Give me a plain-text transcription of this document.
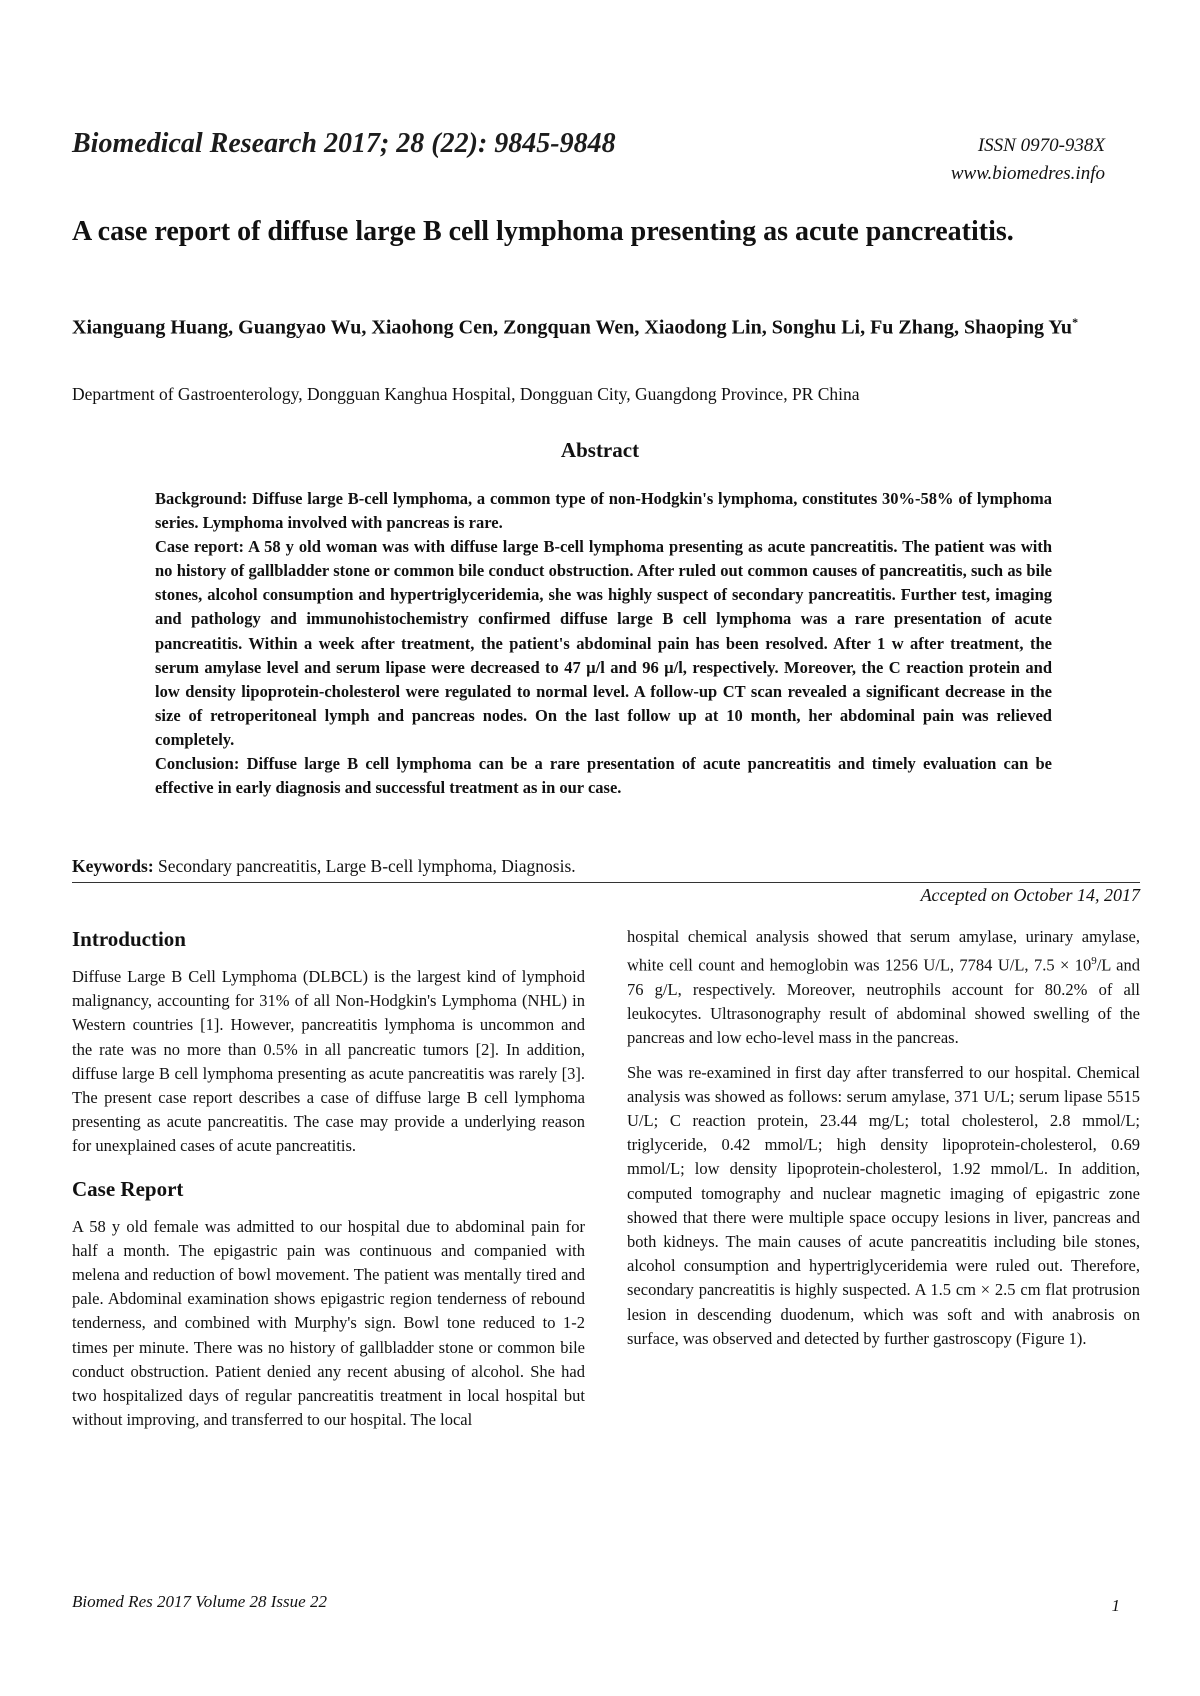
Biomedical Research 2017; 28 (22): 9845-9848	ISSN 0970-938X
www.biomedres.info
A case report of diffuse large B cell lymphoma presenting as acute pancreatitis.
Xianguang Huang, Guangyao Wu, Xiaohong Cen, Zongquan Wen, Xiaodong Lin, Songhu Li, Fu Zhang, Shaoping Yu*
Department of Gastroenterology, Dongguan Kanghua Hospital, Dongguan City, Guangdong Province, PR China
Abstract

Background: Diffuse large B-cell lymphoma, a common type of non-Hodgkin's lymphoma, constitutes 30%-58% of lymphoma series. Lymphoma involved with pancreas is rare.

Case report: A 58 y old woman was with diffuse large B-cell lymphoma presenting as acute pancreatitis. The patient was with no history of gallbladder stone or common bile conduct obstruction. After ruled out common causes of pancreatitis, such as bile stones, alcohol consumption and hypertriglyceridemia, she was highly suspect of secondary pancreatitis. Further test, imaging and pathology and immunohistochemistry confirmed diffuse large B cell lymphoma was a rare presentation of acute pancreatitis. Within a week after treatment, the patient's abdominal pain has been resolved. After 1 w after treatment, the serum amylase level and serum lipase were decreased to 47 µ/l and 96 µ/l, respectively. Moreover, the C reaction protein and low density lipoprotein-cholesterol were regulated to normal level. A follow-up CT scan revealed a significant decrease in the size of retroperitoneal lymph and pancreas nodes. On the last follow up at 10 month, her abdominal pain was relieved completely.

Conclusion: Diffuse large B cell lymphoma can be a rare presentation of acute pancreatitis and timely evaluation can be effective in early diagnosis and successful treatment as in our case.

Keywords: Secondary pancreatitis, Large B-cell lymphoma, Diagnosis.
Accepted on October 14, 2017
Introduction

Diffuse Large B Cell Lymphoma (DLBCL) is the largest kind of lymphoid malignancy, accounting for 31% of all Non-Hodgkin's Lymphoma (NHL) in Western countries [1]. However, pancreatitis lymphoma is uncommon and the rate was no more than 0.5% in all pancreatic tumors [2]. In addition, diffuse large B cell lymphoma presenting as acute pancreatitis was rarely [3]. The present case report describes a case of diffuse large B cell lymphoma presenting as acute pancreatitis. The case may provide a underlying reason for unexplained cases of acute pancreatitis.

Case Report

A 58 y old female was admitted to our hospital due to abdominal pain for half a month. The epigastric pain was continuous and companied with melena and reduction of bowl movement. The patient was mentally tired and pale. Abdominal examination shows epigastric region tenderness of rebound tenderness, and combined with Murphy's sign. Bowl tone reduced to 1-2 times per minute. There was no history of gallbladder stone or common bile conduct obstruction. Patient denied any recent abusing of alcohol. She had two hospitalized days of regular pancreatitis treatment in local hospital but without improving, and transferred to our hospital. The local

hospital chemical analysis showed that serum amylase, urinary amylase, white cell count and hemoglobin was 1256 U/L, 7784 U/L, $7.5 \times 10^9/L$ and 76 g/L, respectively. Moreover, neutrophils account for 80.2% of all leukocytes. Ultrasonography result of abdominal showed swelling of the pancreas and low echo-level mass in the pancreas.

She was re-examined in first day after transferred to our hospital. Chemical analysis was showed as follows: serum amylase, 371 U/L; serum lipase 5515 U/L; C reaction protein, 23.44 mg/L; total cholesterol, 2.8 mmol/L; triglyceride, 0.42 mmol/L; high density lipoprotein-cholesterol, 0.69 mmol/L; low density lipoprotein-cholesterol, 1.92 mmol/L. In addition, computed tomography and nuclear magnetic imaging of epigastric zone showed that there were multiple space occupy lesions in liver, pancreas and both kidneys. The main causes of acute pancreatitis including bile stones, alcohol consumption and hypertriglyceridemia were ruled out. Therefore, secondary pancreatitis is highly suspected. A 1.5 cm × 2.5 cm flat protrusion lesion in descending duodenum, which was soft and with anabrosis on surface, was observed and detected by further gastroscopy (Figure 1).

Biomed Res 2017 Volume 28 Issue 22	1
